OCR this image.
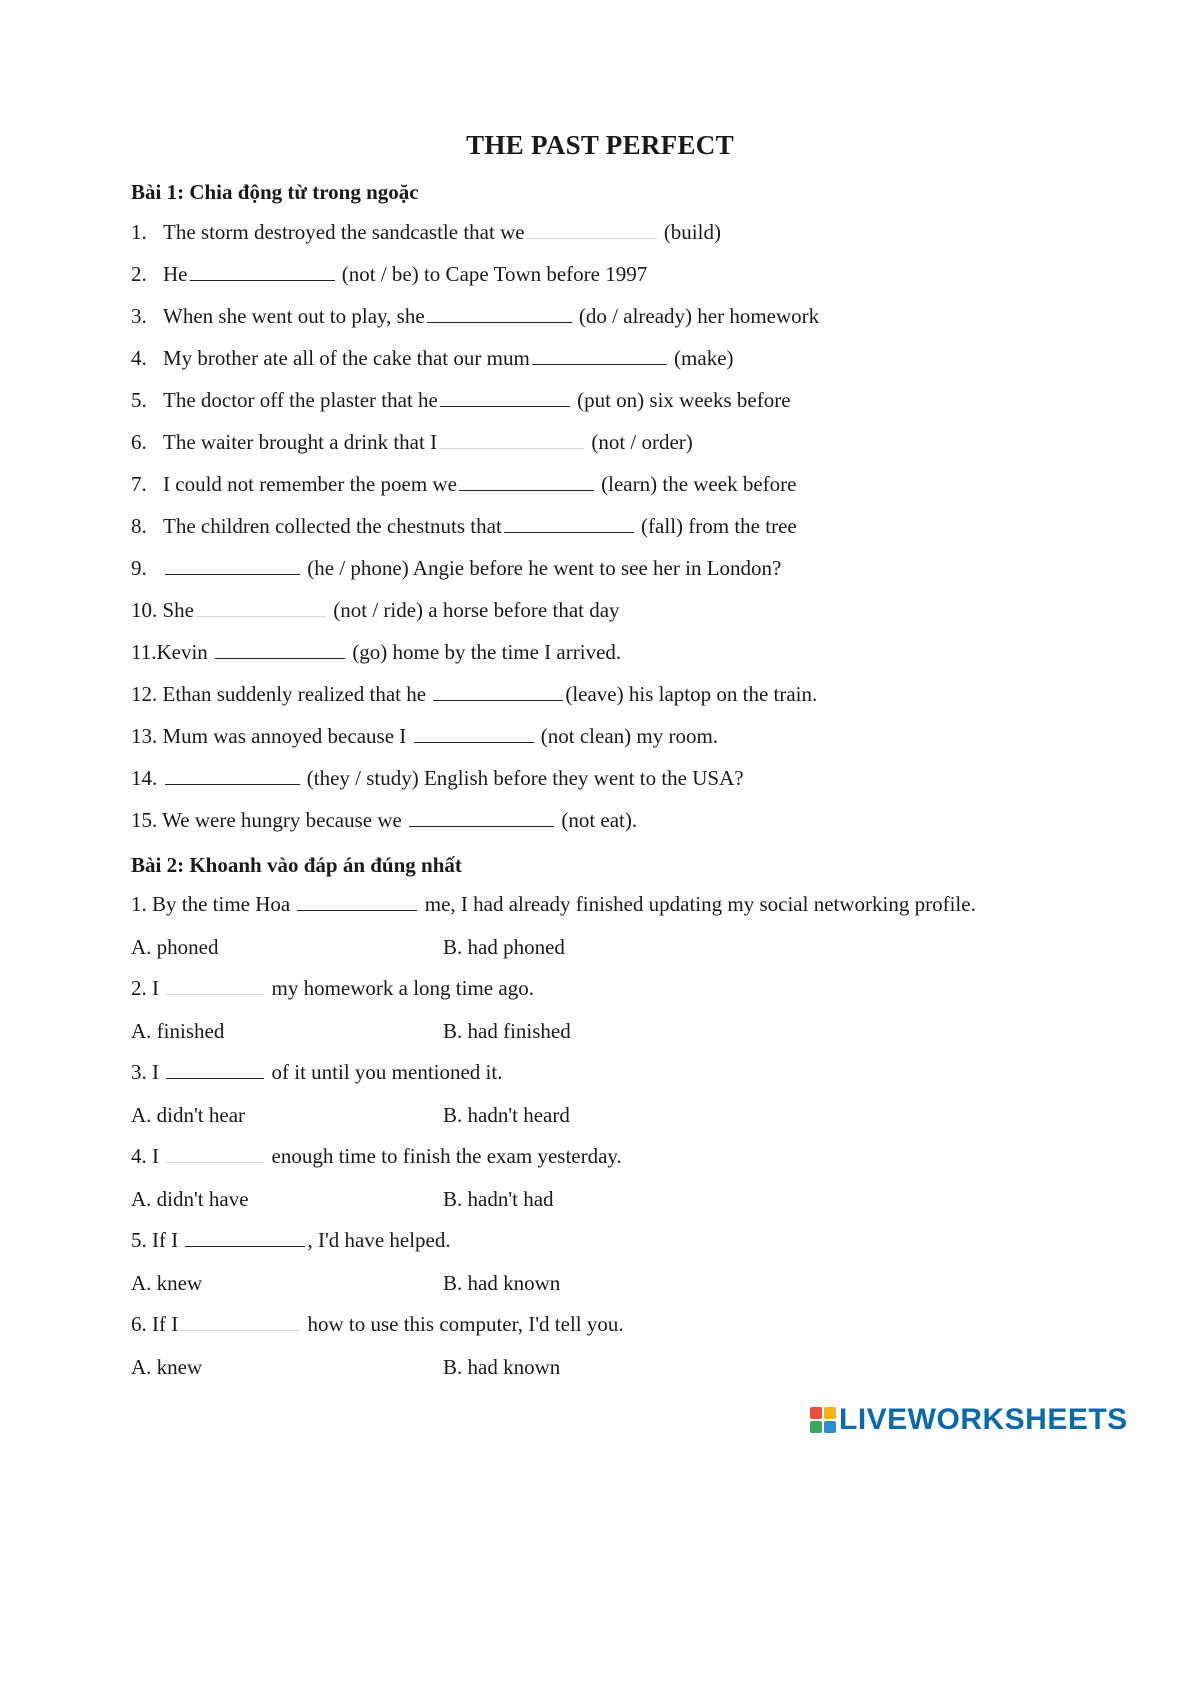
THE PAST PERFECT
Bài 1: Chia động từ trong ngoặc
1. The storm destroyed the sandcastle that we	(build)
2. He	(not / be) to Cape Town before 1997
3. When she went out to play, she	(do / already) her homework
4. My brother ate all of the cake that our mum	(make)
5. The doctor off the plaster that he	(put on) six weeks before
6. The waiter brought a drink that I	(not / order)
7. I could not remember the poem we	(learn) the week before
8. The children collected the chestnuts that	(fall) from the tree
9.	(he / phone) Angie before he went to see her in London?
10. She	(not / ride) a horse before that day
11.Kevin	(go) home by the time I arrived.
12. Ethan suddenly realized that he	(leave) his laptop on the train.
13. Mum was annoyed because I	(not clean) my room.
14.	(they / study) English before they went to the USA?
15. We were hungry because we	(not eat).
Bài 2: Khoanh vào đáp án đúng nhất
1. By the time Hoa	me, I had already finished updating my social networking profile.
A. phoned	B. had phoned
2. I	my homework a long time ago.
A. finished	B. had finished
3. I	of it until you mentioned it.
A. didn't hear	B. hadn't heard
4. I	enough time to finish the exam yesterday.
A. didn't have	B. hadn't had
5. If I	, I'd have helped.
A. knew	B. had known
6. If I	how to use this computer, I'd tell you.
A. knew	B. had known
LIVEWORKSHEETS
